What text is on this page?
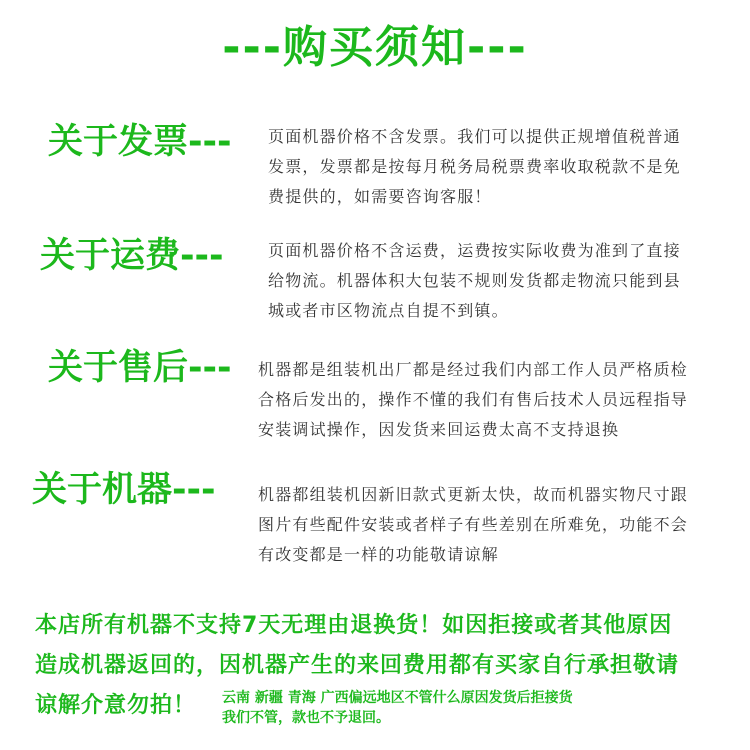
---购买须知---
关于发票--- 页面机器价格不含发票。我们可以提供正规增值税普通
发票，发票都是按每月税务局税票费率收取税款不是免
费提供的，如需要咨询客服！
关于运费---	页面机器价格不含运费，运费按实际收费为准到了直接
给物流。机器体积大包装不规则发货都走物流只能到县
城或者市区物流点自提不到镇。
关于售后--- 机器都是组装机出厂都是经过我们内部工作人员严格质检
合格后发出的，操作不懂的我们有售后技术人员远程指导
安装调试操作，因发货来回运费太高不支持退换
关于机器---	机器都组装机因新旧款式更新太快，故而机器实物尺寸跟
图片有些配件安装或者样子有些差别在所难免，功能不会
有改变都是一样的功能敬请谅解
本店所有机器不支持7天无理由退换货！如因拒接或者其他原因
造成机器返回的，因机器产生的来回费用都有买家自行承担敬请
谅解介意勿拍！	云南 新疆 青海 广西偏远地区不管什么原因发货后拒接货
我们不管，款也不予退回。
